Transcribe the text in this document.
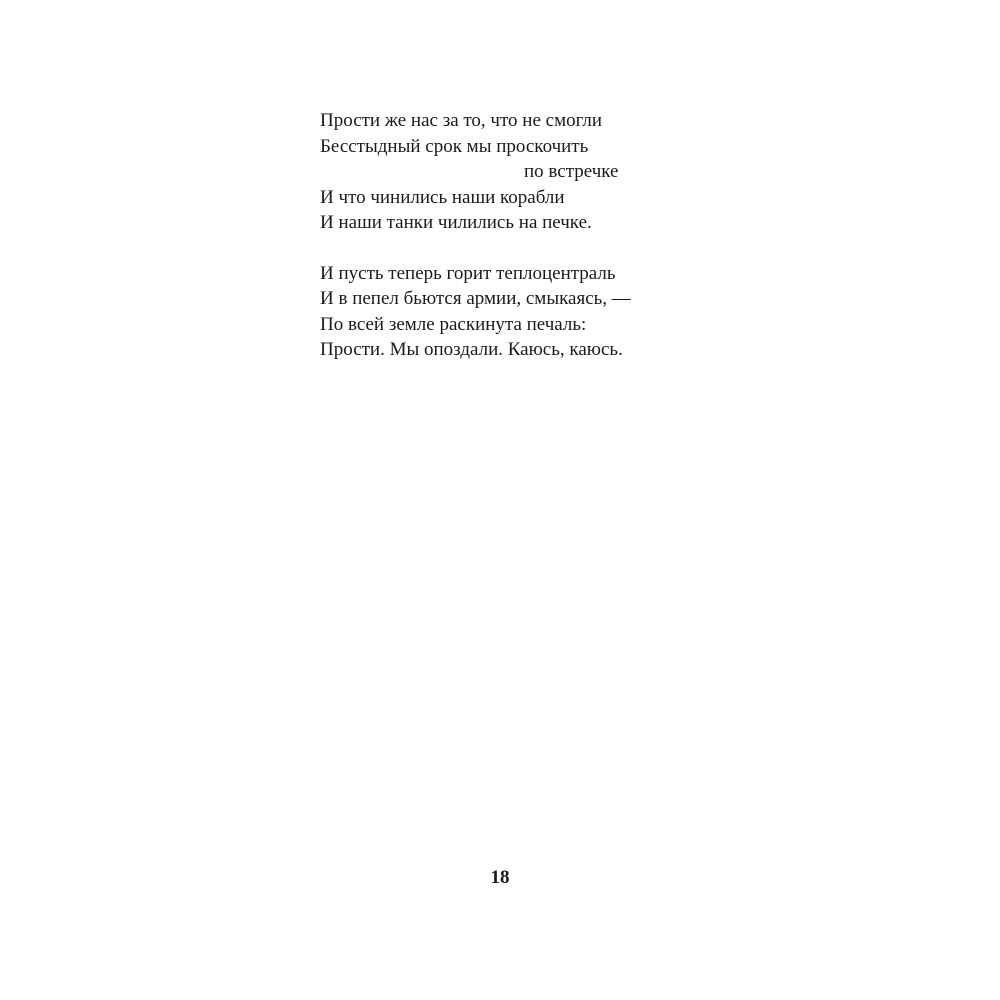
Прости же нас за то, что не смогли
Бесстыдный срок мы проскочить
по встречке
И что чинились наши корабли
И наши танки чилились на печке.
И пусть теперь горит теплоцентраль
И в пепел бьются армии, смыкаясь, —
По всей земле раскинута печаль:
Прости. Мы опоздали. Каюсь, каюсь.
18
